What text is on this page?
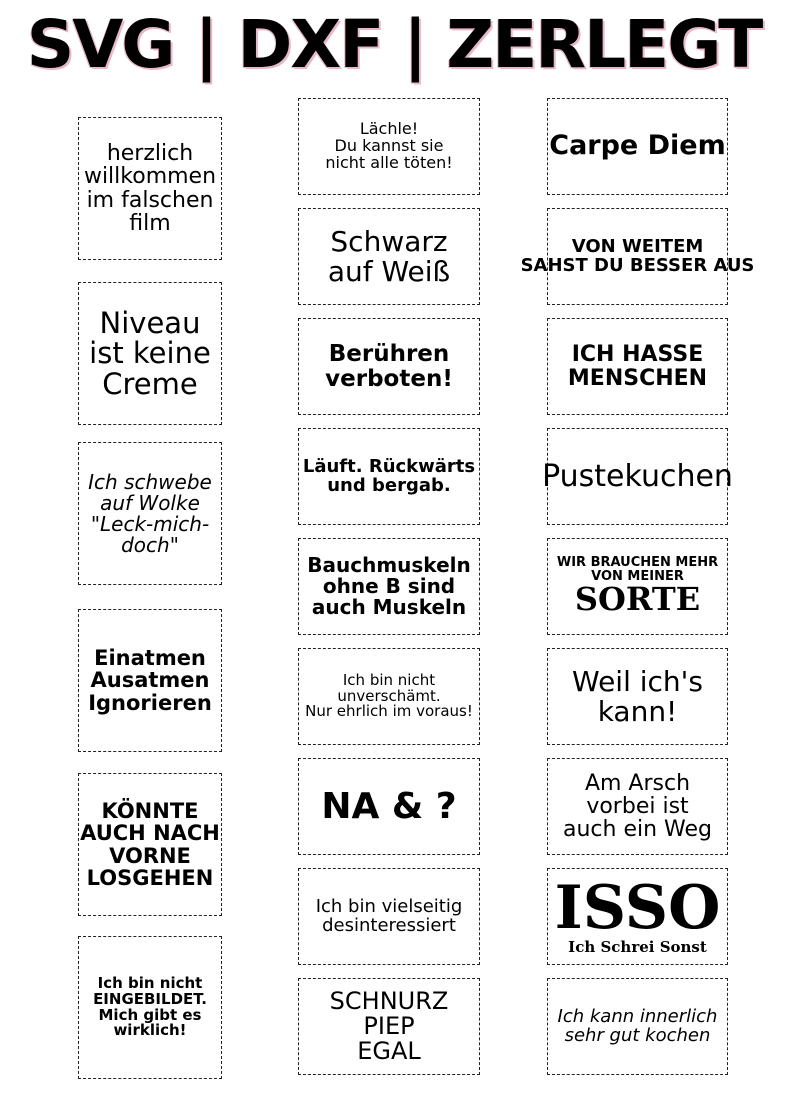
SVG | DXF | ZERLEGT
herzlich
willkommen
im falschen
film
Niveau
ist keine
Creme
Ich schwebe
auf Wolke
"Leck-mich-
doch"
Einatmen
Ausatmen
Ignorieren
KÖNNTE
AUCH NACH
VORNE
LOSGEHEN
Ich bin nicht
EINGEBILDET.
Mich gibt es
wirklich!
Lächle!
Du kannst sie
nicht alle töten!
Schwarz
auf Weiß
Berühren
verboten!
Läuft. Rückwärts
und bergab.
Bauchmuskeln
ohne B sind
auch Muskeln
Ich bin nicht
unverschämt.
Nur ehrlich im voraus!
NA & ?
Ich bin vielseitig
desinteressiert
SCHNURZ
PIEP
EGAL
Carpe Diem
VON WEITEM
SAHST DU BESSER AUS
ICH HASSE
MENSCHEN
Pustekuchen
WIR BRAUCHEN MEHR
VON MEINER
SORTE
Weil ich's
kann!
Am Arsch
vorbei ist
auch ein Weg
ISSO
Ich Schrei Sonst
Ich kann innerlich
sehr gut kochen
